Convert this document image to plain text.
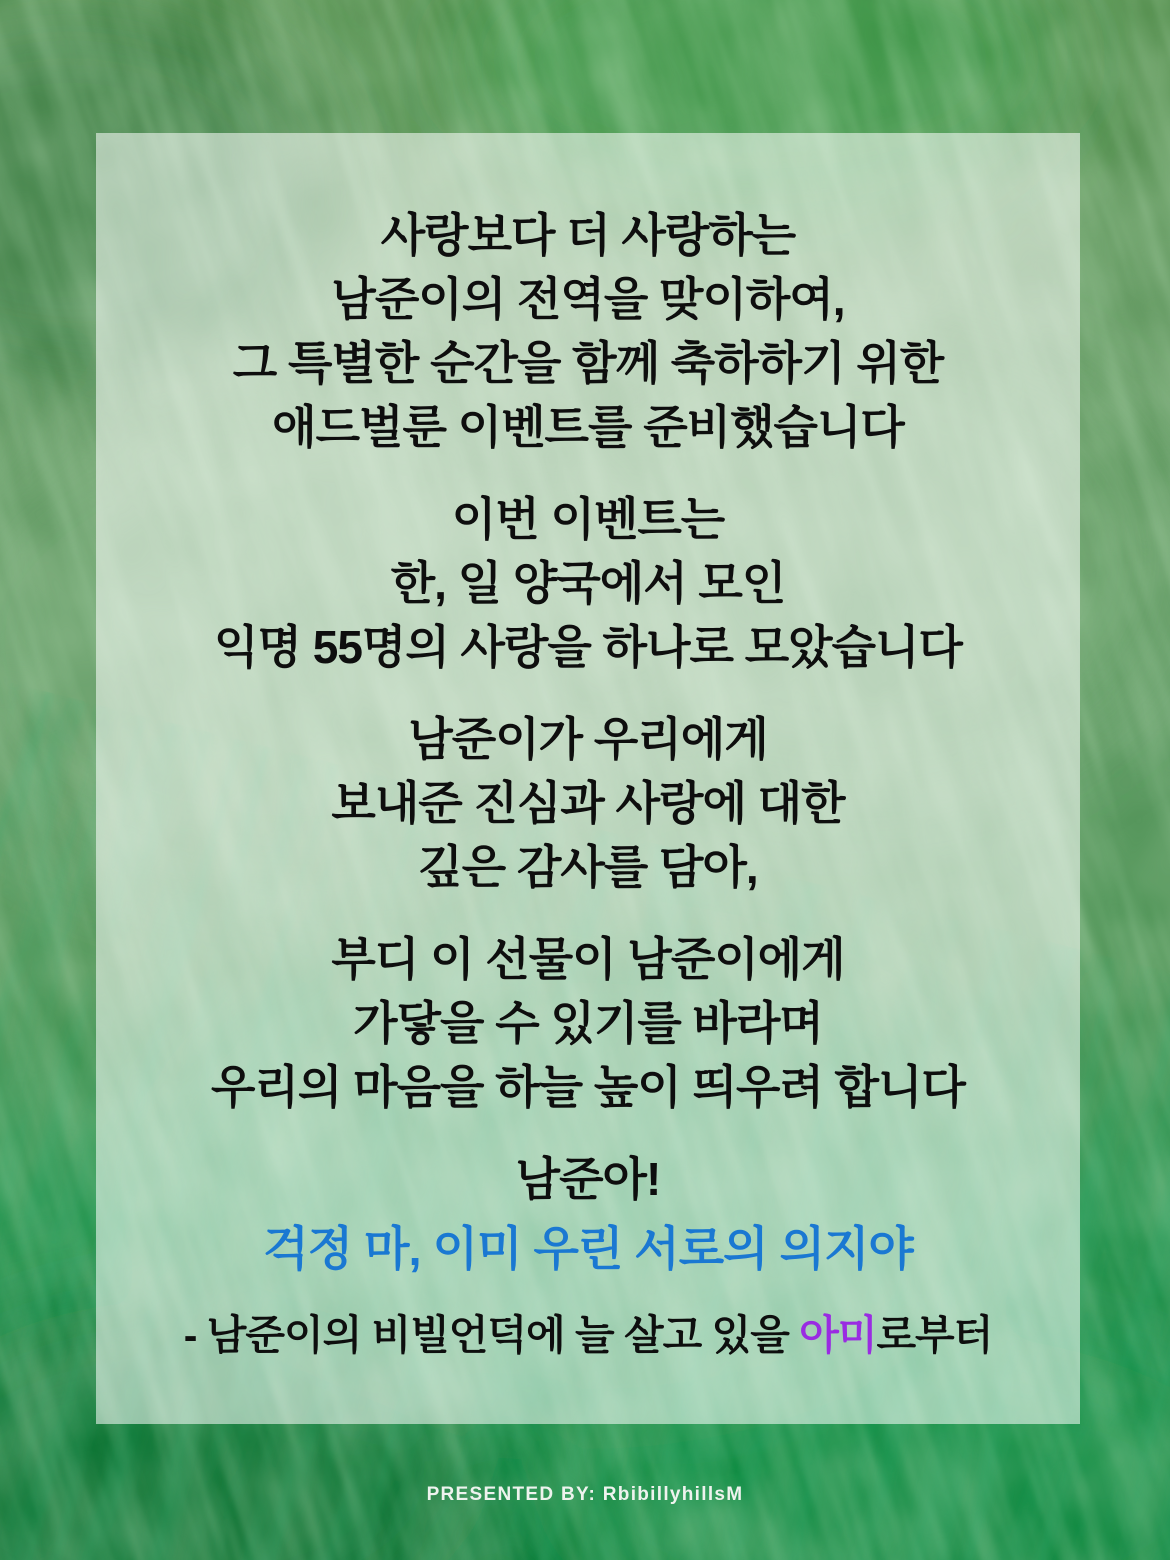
사랑보다 더 사랑하는
남준이의 전역을 맞이하여,
그 특별한 순간을 함께 축하하기 위한
애드벌룬 이벤트를 준비했습니다
이번 이벤트는
한, 일 양국에서 모인
익명 55명의 사랑을 하나로 모았습니다
남준이가 우리에게
보내준 진심과 사랑에 대한
깊은 감사를 담아,
부디 이 선물이 남준이에게
가닿을 수 있기를 바라며
우리의 마음을 하늘 높이 띄우려 합니다
남준아!
걱정 마, 이미 우린 서로의 의지야
- 남준이의 비빌언덕에 늘 살고 있을 아미로부터
PRESENTED BY: RbibillyhillsM
